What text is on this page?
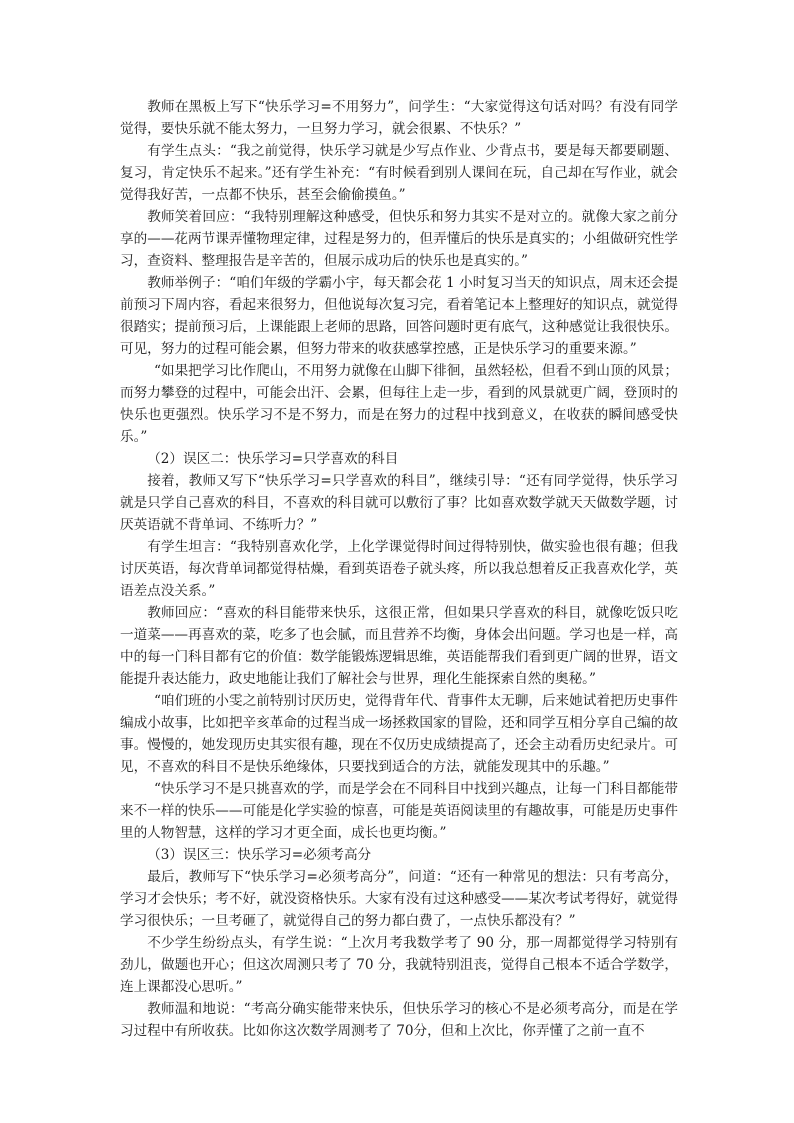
教师在黑板上写下“快乐学习=不用努力”，问学生：“大家觉得这句话对吗？有没有同学觉得，要快乐就不能太努力，一旦努力学习，就会很累、不快乐？”

有学生点头：“我之前觉得，快乐学习就是少写点作业、少背点书，要是每天都要刷题、复习，肯定快乐不起来。”还有学生补充：“有时候看到别人课间在玩，自己却在写作业，就会觉得我好苦，一点都不快乐，甚至会偷偷摸鱼。”

教师笑着回应：“我特别理解这种感受，但快乐和努力其实不是对立的。就像大家之前分享的——花两节课弄懂物理定律，过程是努力的，但弄懂后的快乐是真实的；小组做研究性学习，查资料、整理报告是辛苦的，但展示成功后的快乐也是真实的。”

教师举例子：“咱们年级的学霸小宇，每天都会花 1 小时复习当天的知识点，周末还会提前预习下周内容，看起来很努力，但他说每次复习完，看着笔记本上整理好的知识点，就觉得很踏实；提前预习后，上课能跟上老师的思路，回答问题时更有底气，这种感觉让我很快乐。可见，努力的过程可能会累，但努力带来的收获感掌控感，正是快乐学习的重要来源。”

“如果把学习比作爬山，不用努力就像在山脚下徘徊，虽然轻松，但看不到山顶的风景；而努力攀登的过程中，可能会出汗、会累，但每往上走一步，看到的风景就更广阔，登顶时的快乐也更强烈。快乐学习不是不努力，而是在努力的过程中找到意义，在收获的瞬间感受快乐。”

（2）误区二：快乐学习=只学喜欢的科目

接着，教师又写下“快乐学习=只学喜欢的科目”，继续引导：“还有同学觉得，快乐学习就是只学自己喜欢的科目，不喜欢的科目就可以敷衍了事？比如喜欢数学就天天做数学题，讨厌英语就不背单词、不练听力？”

有学生坦言：“我特别喜欢化学，上化学课觉得时间过得特别快，做实验也很有趣；但我讨厌英语，每次背单词都觉得枯燥，看到英语卷子就头疼，所以我总想着反正我喜欢化学，英语差点没关系。”

教师回应：“喜欢的科目能带来快乐，这很正常，但如果只学喜欢的科目，就像吃饭只吃一道菜——再喜欢的菜，吃多了也会腻，而且营养不均衡，身体会出问题。学习也是一样，高中的每一门科目都有它的价值：数学能锻炼逻辑思维，英语能帮我们看到更广阔的世界，语文能提升表达能力，政史地能让我们了解社会与世界，理化生能探索自然的奥秘。”

“咱们班的小雯之前特别讨厌历史，觉得背年代、背事件太无聊，后来她试着把历史事件编成小故事，比如把辛亥革命的过程当成一场拯救国家的冒险，还和同学互相分享自己编的故事。慢慢的，她发现历史其实很有趣，现在不仅历史成绩提高了，还会主动看历史纪录片。可见，不喜欢的科目不是快乐绝缘体，只要找到适合的方法，就能发现其中的乐趣。”

“快乐学习不是只挑喜欢的学，而是学会在不同科目中找到兴趣点，让每一门科目都能带来不一样的快乐——可能是化学实验的惊喜，可能是英语阅读里的有趣故事，可能是历史事件里的人物智慧，这样的学习才更全面，成长也更均衡。”

（3）误区三：快乐学习=必须考高分

最后，教师写下“快乐学习=必须考高分”，问道：“还有一种常见的想法：只有考高分，学习才会快乐；考不好，就没资格快乐。大家有没有过这种感受——某次考试考得好，就觉得学习很快乐；一旦考砸了，就觉得自己的努力都白费了，一点快乐都没有？”

不少学生纷纷点头，有学生说：“上次月考我数学考了 90 分，那一周都觉得学习特别有劲儿，做题也开心；但这次周测只考了 70 分，我就特别沮丧，觉得自己根本不适合学数学，连上课都没心思听。”

教师温和地说：“考高分确实能带来快乐，但快乐学习的核心不是必须考高分，而是在学习过程中有所收获。比如你这次数学周测考了 70分，但和上次比，你弄懂了之前一直不
